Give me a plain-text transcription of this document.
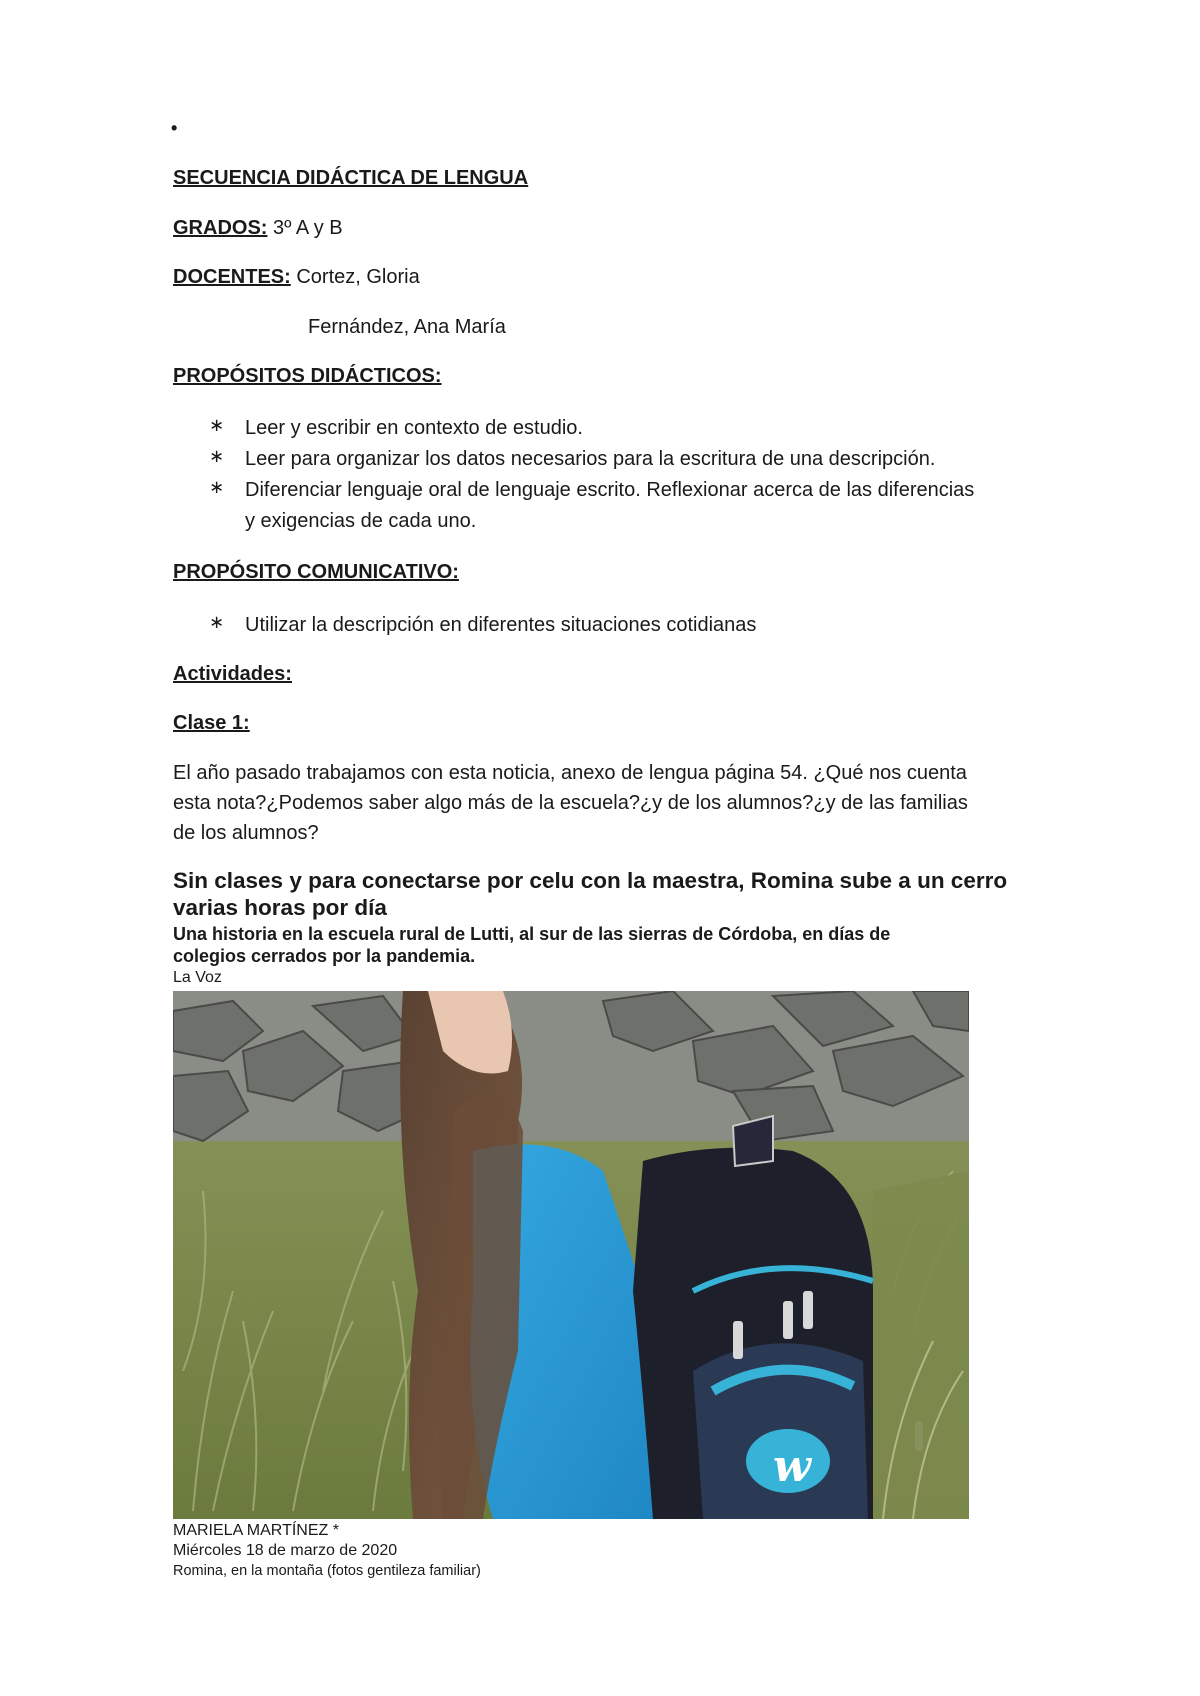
•
SECUENCIA DIDÁCTICA DE LENGUA
GRADOS: 3º A y B
DOCENTES: Cortez, Gloria
Fernández, Ana María
PROPÓSITOS DIDÁCTICOS:
∗ Leer y escribir en contexto de estudio.
∗ Leer para organizar los datos necesarios para la escritura de una descripción.
∗ Diferenciar lenguaje oral de lenguaje escrito. Reflexionar acerca de las diferencias
y exigencias de cada uno.
PROPÓSITO COMUNICATIVO:
∗ Utilizar la descripción en diferentes situaciones cotidianas
Actividades:
Clase 1:
El año pasado trabajamos con esta noticia, anexo de lengua página 54. ¿Qué nos cuenta
esta nota?¿Podemos saber algo más de la escuela?¿y de los alumnos?¿y de las familias
de los alumnos?
Sin clases y para conectarse por celu con la maestra, Romina sube a un cerro
varias horas por día
Una historia en la escuela rural de Lutti, al sur de las sierras de Córdoba, en días de
colegios cerrados por la pandemia.
La Voz
w
MARIELA MARTÍNEZ *
Miércoles 18 de marzo de 2020
Romina, en la montaña (fotos gentileza familiar)
